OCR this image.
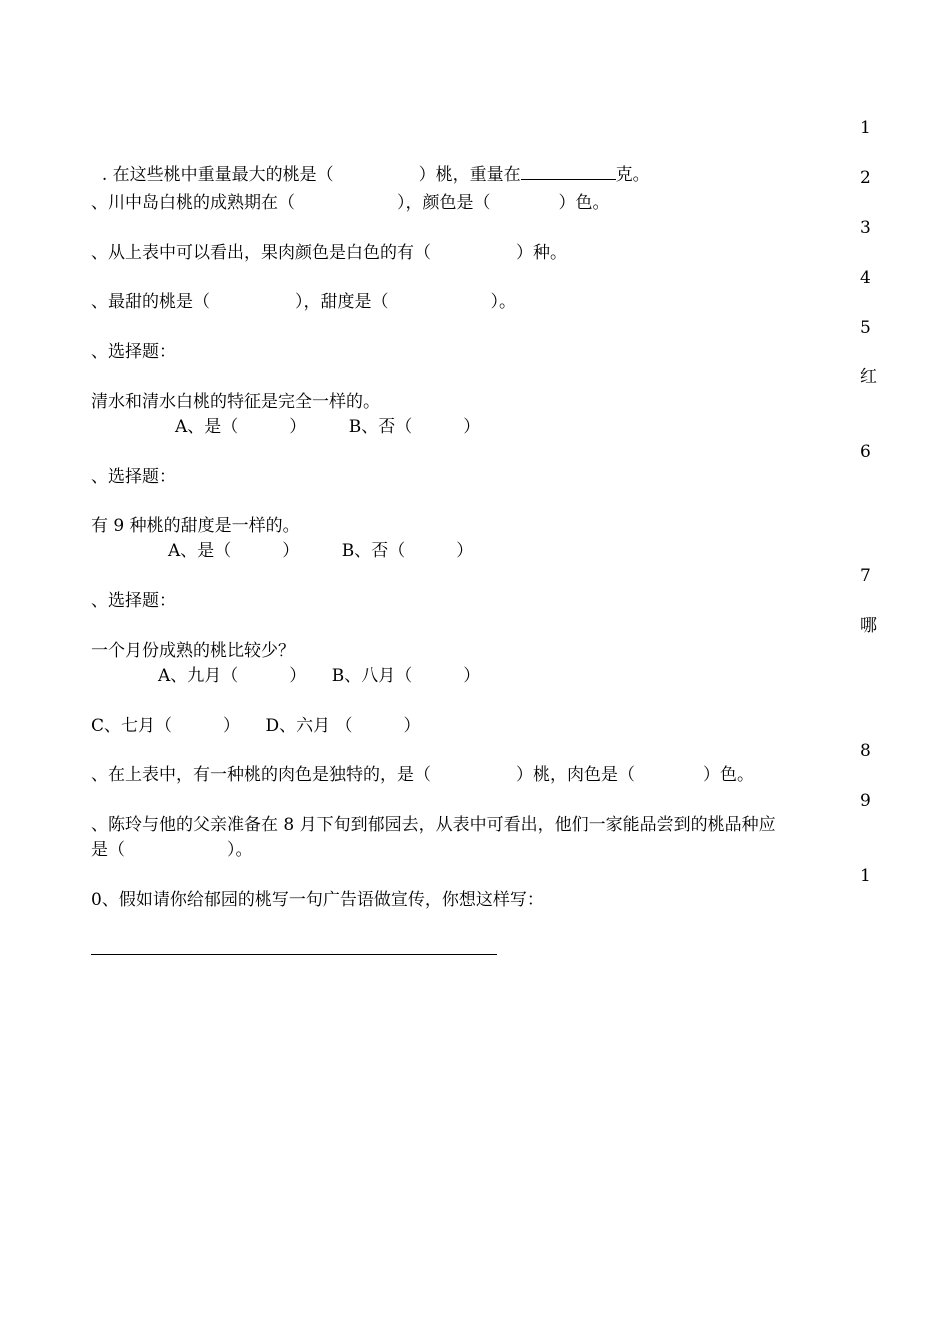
1
2
3
4
5
红
6
7
哪
8
9
1

. 在这些桃中重量最大的桃是（　　　　　）桃，重量在	克。

、川中岛白桃的成熟期在（　　　　　　），颜色是（　　　　）色。
、从上表中可以看出，果肉颜色是白色的有（　　　　　）种。
、最甜的桃是（　　　　　），甜度是（　　　　　　）。
、选择题：
清水和清水白桃的特征是完全一样的。
A、是（　　　）　　　B、否（　　　）
、选择题：
有 9 种桃的甜度是一样的。
A、是（　　　）　　　B、否（　　　）
、选择题：
一个月份成熟的桃比较少？
A、九月（　　　）　　B、八月（　　　）
C、七月（　　　）　　D、六月 （　　　）
、在上表中，有一种桃的肉色是独特的，是（　　　　　）桃，肉色是（　　　　）色。
、陈玲与他的父亲准备在 8 月下旬到郁园去，从表中可看出，他们一家能品尝到的桃品种应
是（　　　　　　）。
0、假如请你给郁园的桃写一句广告语做宣传，你想这样写：
